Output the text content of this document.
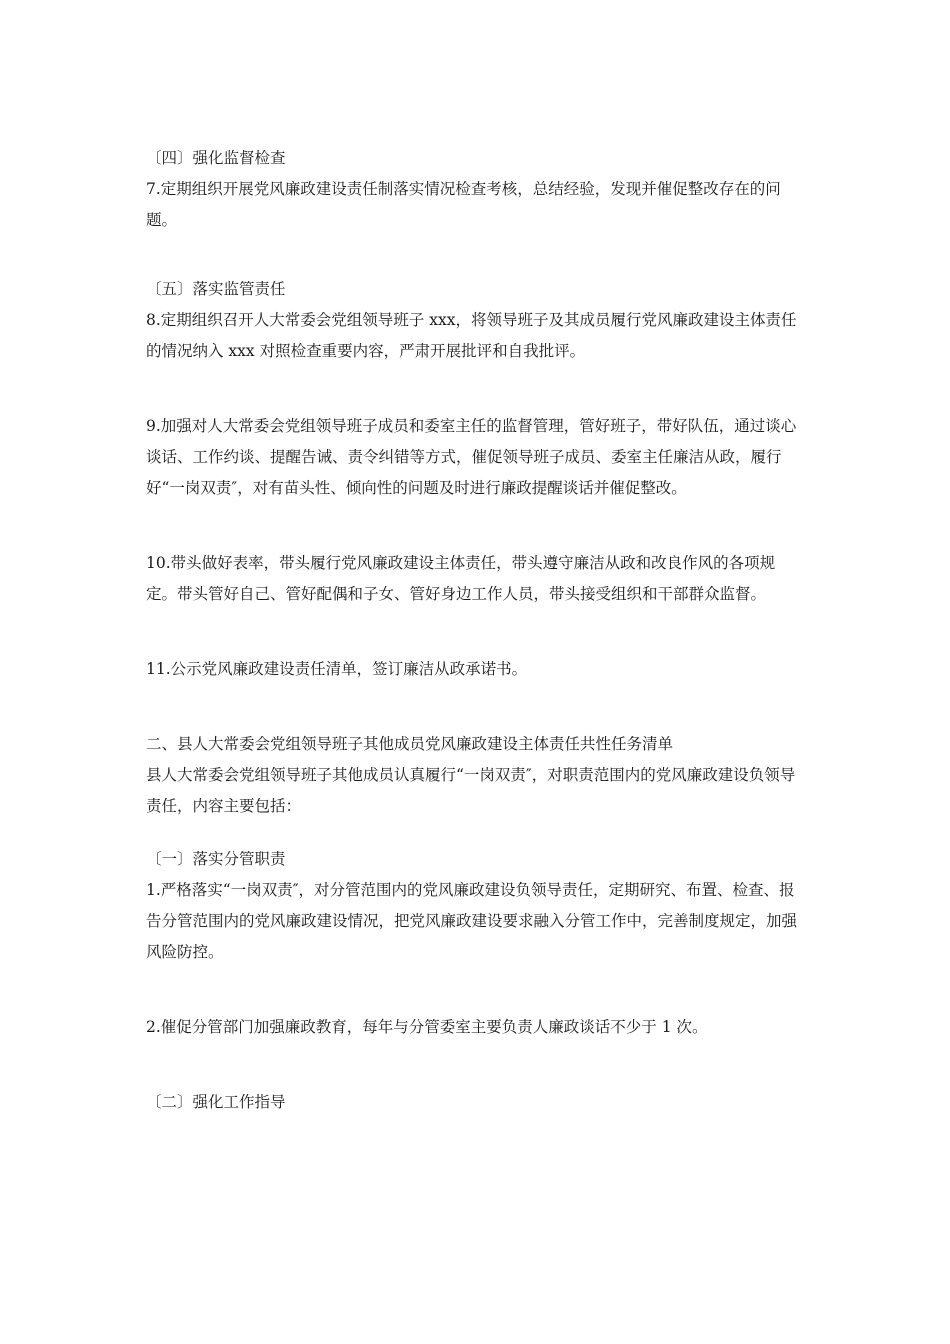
〔四〕强化监督检查

7.定期组织开展党风廉政建设责任制落实情况检查考核，总结经验，发现并催促整改存在的问题。

〔五〕落实监管责任

8.定期组织召开人大常委会党组领导班子 xxx，将领导班子及其成员履行党风廉政建设主体责任的情况纳入 xxx 对照检查重要内容，严肃开展批评和自我批评。

9.加强对人大常委会党组领导班子成员和委室主任的监督管理，管好班子，带好队伍，通过谈心谈话、工作约谈、提醒告诫、责令纠错等方式，催促领导班子成员、委室主任廉洁从政，履行好“一岗双责″，对有苗头性、倾向性的问题及时进行廉政提醒谈话并催促整改。

10.带头做好表率，带头履行党风廉政建设主体责任，带头遵守廉洁从政和改良作风的各项规定。带头管好自己、管好配偶和子女、管好身边工作人员，带头接受组织和干部群众监督。

11.公示党风廉政建设责任清单，签订廉洁从政承诺书。

二、县人大常委会党组领导班子其他成员党风廉政建设主体责任共性任务清单

县人大常委会党组领导班子其他成员认真履行“一岗双责″，对职责范围内的党风廉政建设负领导责任，内容主要包括：

〔一〕落实分管职责

1.严格落实“一岗双责″，对分管范围内的党风廉政建设负领导责任，定期研究、布置、检查、报告分管范围内的党风廉政建设情况，把党风廉政建设要求融入分管工作中，完善制度规定，加强风险防控。

2.催促分管部门加强廉政教育，每年与分管委室主要负责人廉政谈话不少于 1 次。

〔二〕强化工作指导
